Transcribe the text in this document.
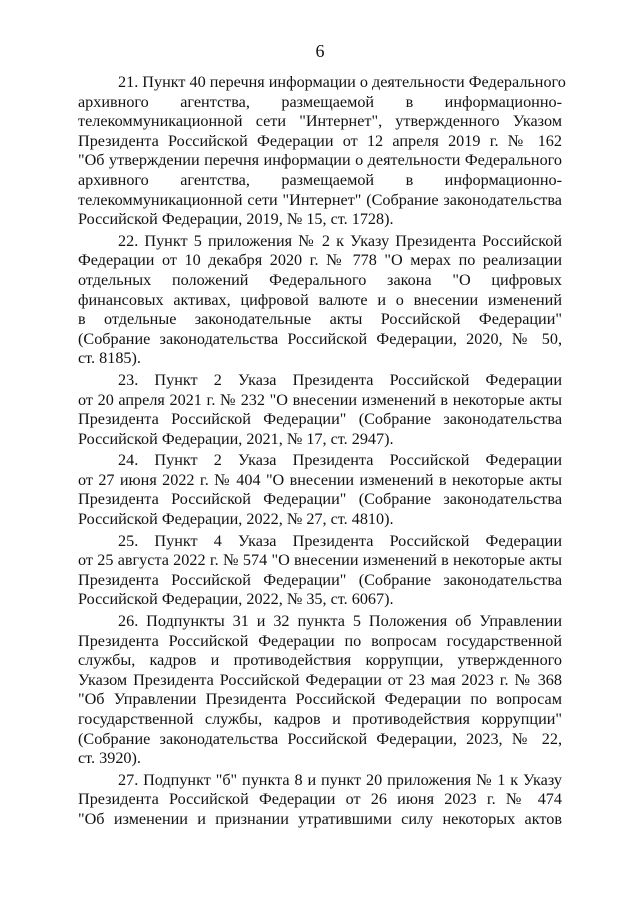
6
21. Пункт 40 перечня информации о деятельности Федерального
архивного агентства, размещаемой в информационно-
телекоммуникационной сети "Интернет", утвержденного Указом
Президента Российской Федерации от 12 апреля 2019 г. № 162
"Об утверждении перечня информации о деятельности Федерального
архивного агентства, размещаемой в информационно-
телекоммуникационной сети "Интернет" (Собрание законодательства
Российской Федерации, 2019, № 15, ст. 1728).
22. Пункт 5 приложения № 2 к Указу Президента Российской
Федерации от 10 декабря 2020 г. № 778 "О мерах по реализации
отдельных положений Федерального закона "О цифровых
финансовых активах, цифровой валюте и о внесении изменений
в отдельные законодательные акты Российской Федерации"
(Собрание законодательства Российской Федерации, 2020, № 50,
ст. 8185).
23. Пункт 2 Указа Президента Российской Федерации
от 20 апреля 2021 г. № 232 "О внесении изменений в некоторые акты
Президента Российской Федерации" (Собрание законодательства
Российской Федерации, 2021, № 17, ст. 2947).
24. Пункт 2 Указа Президента Российской Федерации
от 27 июня 2022 г. № 404 "О внесении изменений в некоторые акты
Президента Российской Федерации" (Собрание законодательства
Российской Федерации, 2022, № 27, ст. 4810).
25. Пункт 4 Указа Президента Российской Федерации
от 25 августа 2022 г. № 574 "О внесении изменений в некоторые акты
Президента Российской Федерации" (Собрание законодательства
Российской Федерации, 2022, № 35, ст. 6067).
26. Подпункты 31 и 32 пункта 5 Положения об Управлении
Президента Российской Федерации по вопросам государственной
службы, кадров и противодействия коррупции, утвержденного
Указом Президента Российской Федерации от 23 мая 2023 г. № 368
"Об Управлении Президента Российской Федерации по вопросам
государственной службы, кадров и противодействия коррупции"
(Собрание законодательства Российской Федерации, 2023, № 22,
ст. 3920).
27. Подпункт "б" пункта 8 и пункт 20 приложения № 1 к Указу
Президента Российской Федерации от 26 июня 2023 г. № 474
"Об изменении и признании утратившими силу некоторых актов
